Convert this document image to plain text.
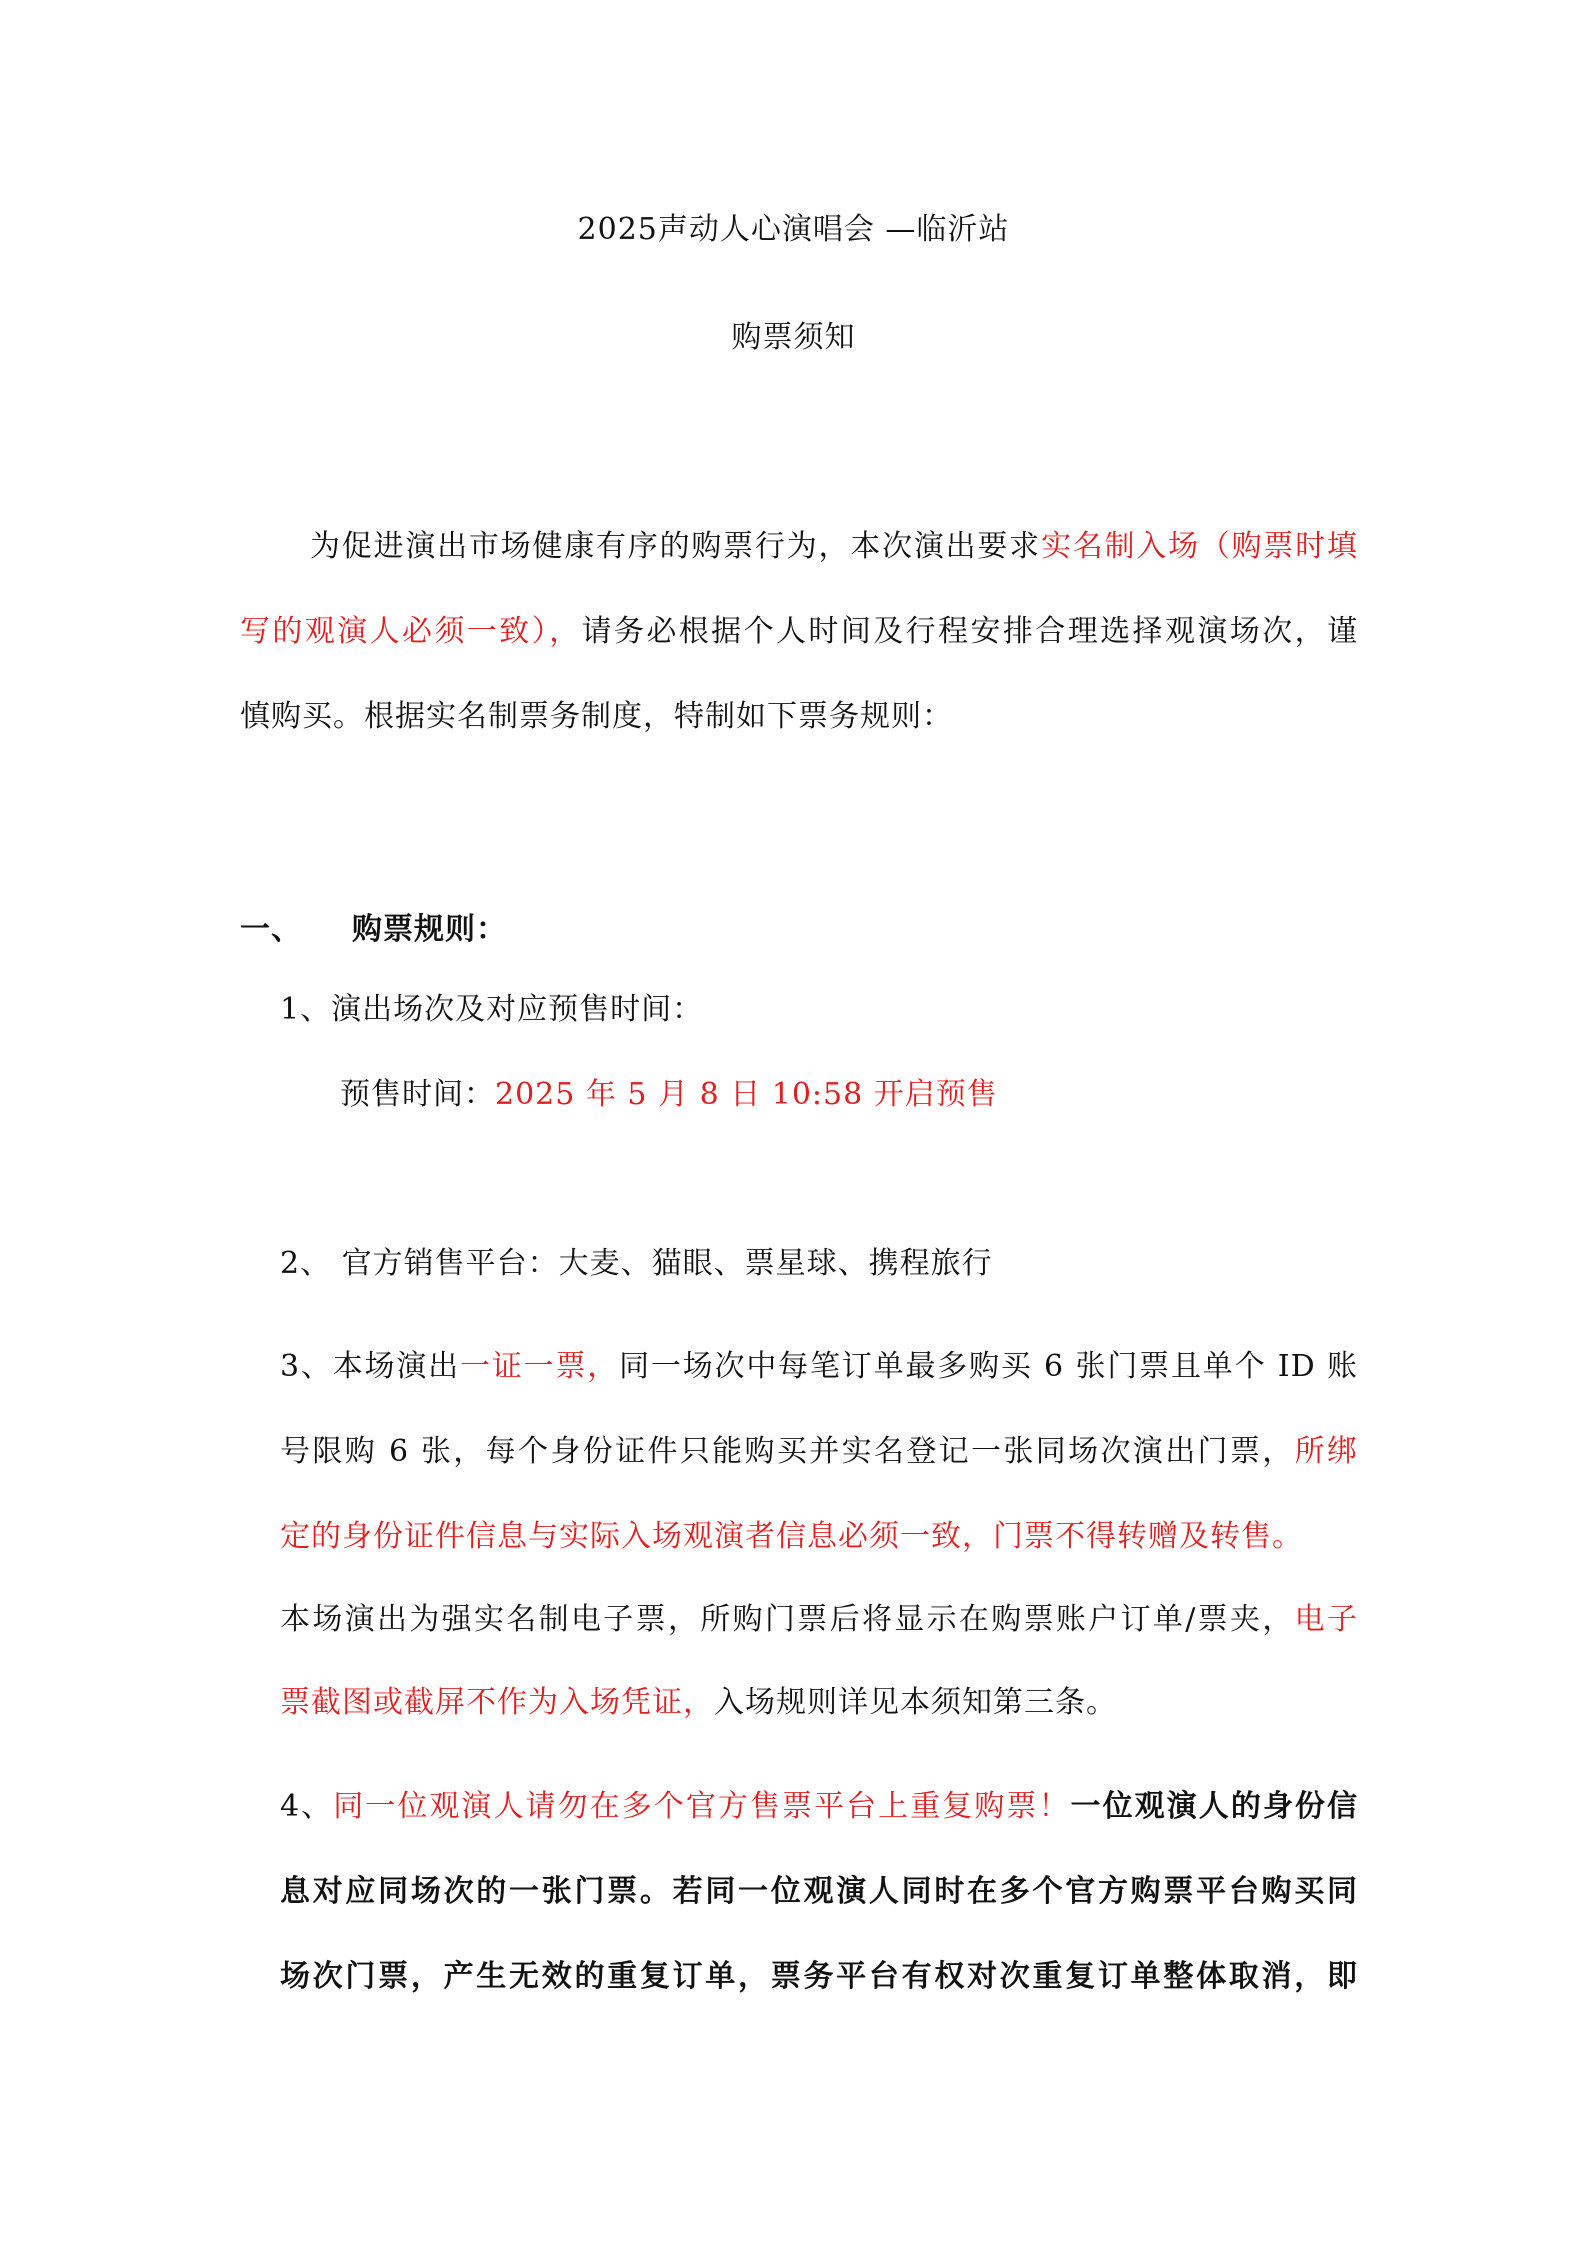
2025声动人心演唱会 —临沂站
购票须知
为促进演出市场健康有序的购票行为，本次演出要求实名制入场（购票时填
写的观演人必须一致），请务必根据个人时间及行程安排合理选择观演场次，谨
慎购买。根据实名制票务制度，特制如下票务规则：
一、 购票规则：
1、演出场次及对应预售时间：
预售时间：2025 年 5 月 8 日 10:58 开启预售
2、 官方销售平台：大麦、猫眼、票星球、携程旅行
3、本场演出一证一票，同一场次中每笔订单最多购买 6 张门票且单个 ID 账
号限购 6 张，每个身份证件只能购买并实名登记一张同场次演出门票，所绑
定的身份证件信息与实际入场观演者信息必须一致，门票不得转赠及转售。
本场演出为强实名制电子票，所购门票后将显示在购票账户订单/票夹，电子
票截图或截屏不作为入场凭证，入场规则详见本须知第三条。
4、同一位观演人请勿在多个官方售票平台上重复购票！一位观演人的身份信
息对应同场次的一张门票。若同一位观演人同时在多个官方购票平台购买同
场次门票，产生无效的重复订单，票务平台有权对次重复订单整体取消，即
